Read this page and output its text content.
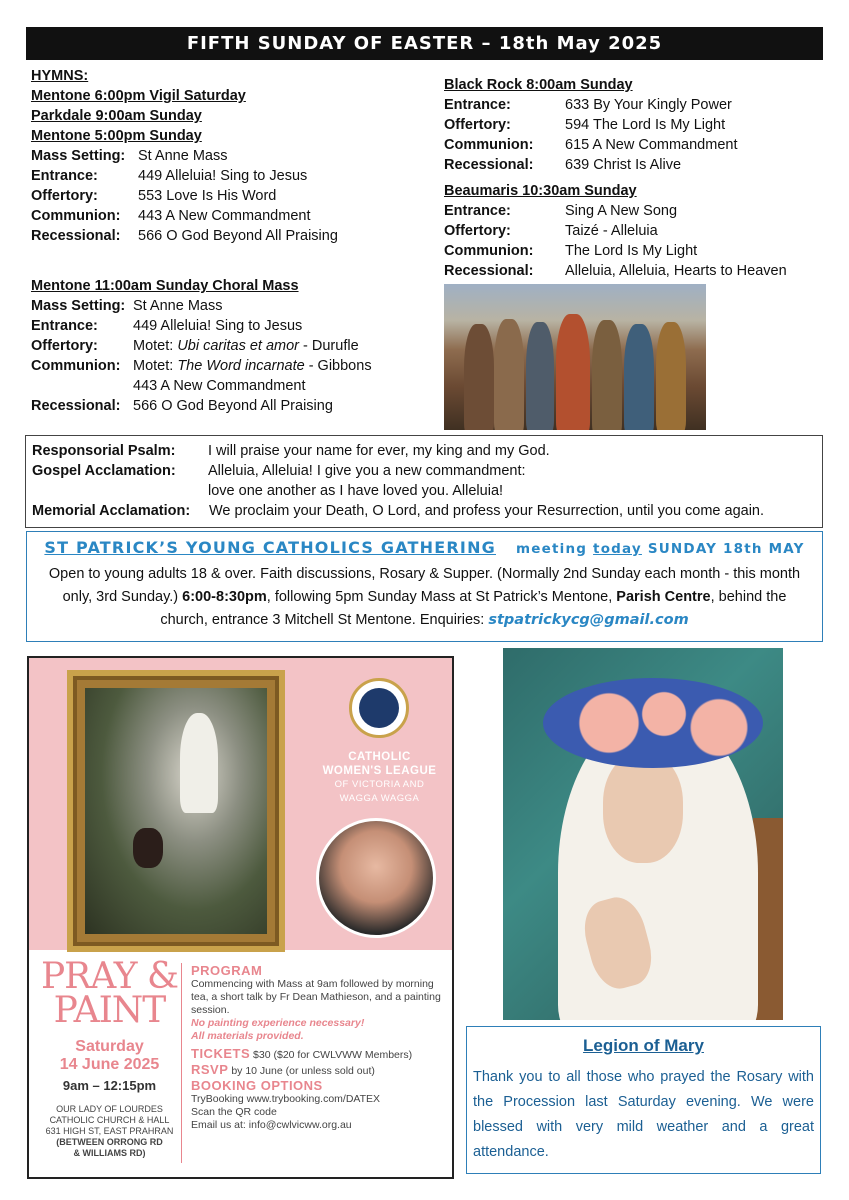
FIFTH SUNDAY OF EASTER – 18th May 2025
HYMNS:
Mentone 6:00pm Vigil Saturday
Parkdale 9:00am Sunday
Mentone 5:00pm Sunday
Mass Setting: St Anne Mass
Entrance:	449 Alleluia! Sing to Jesus
Offertory:	553 Love Is His Word
Communion:	443 A New Commandment
Recessional:	566 O God Beyond All Praising
Mentone 11:00am Sunday Choral Mass
Mass Setting: St Anne Mass
Entrance:	449 Alleluia! Sing to Jesus
Offertory:	Motet: Ubi caritas et amor - Durufle
Communion: Motet: The Word incarnate - Gibbons
443 A New Commandment
Recessional: 566 O God Beyond All Praising
Black Rock 8:00am Sunday
Entrance:	633 By Your Kingly Power
Offertory:	594 The Lord Is My Light
Communion:	615 A New Commandment
Recessional:	639 Christ Is Alive
Beaumaris 10:30am Sunday
Entrance:	Sing A New Song
Offertory:	Taizé - Alleluia
Communion:	The Lord Is My Light
Recessional:	Alleluia, Alleluia, Hearts to Heaven
Responsorial Psalm:	I will praise your name for ever, my king and my God.
Gospel Acclamation:	Alleluia, Alleluia! I give you a new commandment:
love one another as I have loved you. Alleluia!
Memorial Acclamation:	We proclaim your Death, O Lord, and profess your Resurrection, until you come again.
ST PATRICK’S YOUNG CATHOLICS GATHERING meeting today SUNDAY 18th MAY
Open to young adults 18 & over. Faith discussions, Rosary & Supper. (Normally 2nd Sunday each month - this month only, 3rd Sunday.) 6:00-8:30pm, following 5pm Sunday Mass at St Patrick’s Mentone, Parish Centre, behind the church, entrance 3 Mitchell St Mentone. Enquiries: stpatrickycg@gmail.com
CATHOLIC
WOMEN'S LEAGUE
OF VICTORIA AND
WAGGA WAGGA
PRAY &
PAINT
Saturday
14 June 2025
9am – 12:15pm
OUR LADY OF LOURDES
CATHOLIC CHURCH & HALL
631 HIGH ST, EAST PRAHRAN
(BETWEEN ORRONG RD
& WILLIAMS RD)
PROGRAM
Commencing with Mass at 9am followed by morning tea, a short talk by Fr Dean Mathieson, and a painting session.
No painting experience necessary!
All materials provided.
TICKETS $30 ($20 for CWLVWW Members)
RSVP by 10 June (or unless sold out)
BOOKING OPTIONS
TryBooking www.trybooking.com/DATEX
Scan the QR code
Email us at: info@cwlvicww.org.au
Legion of Mary
Thank you to all those who prayed the Rosary with the Procession last Saturday evening. We were blessed with very mild weather and a great attendance.
